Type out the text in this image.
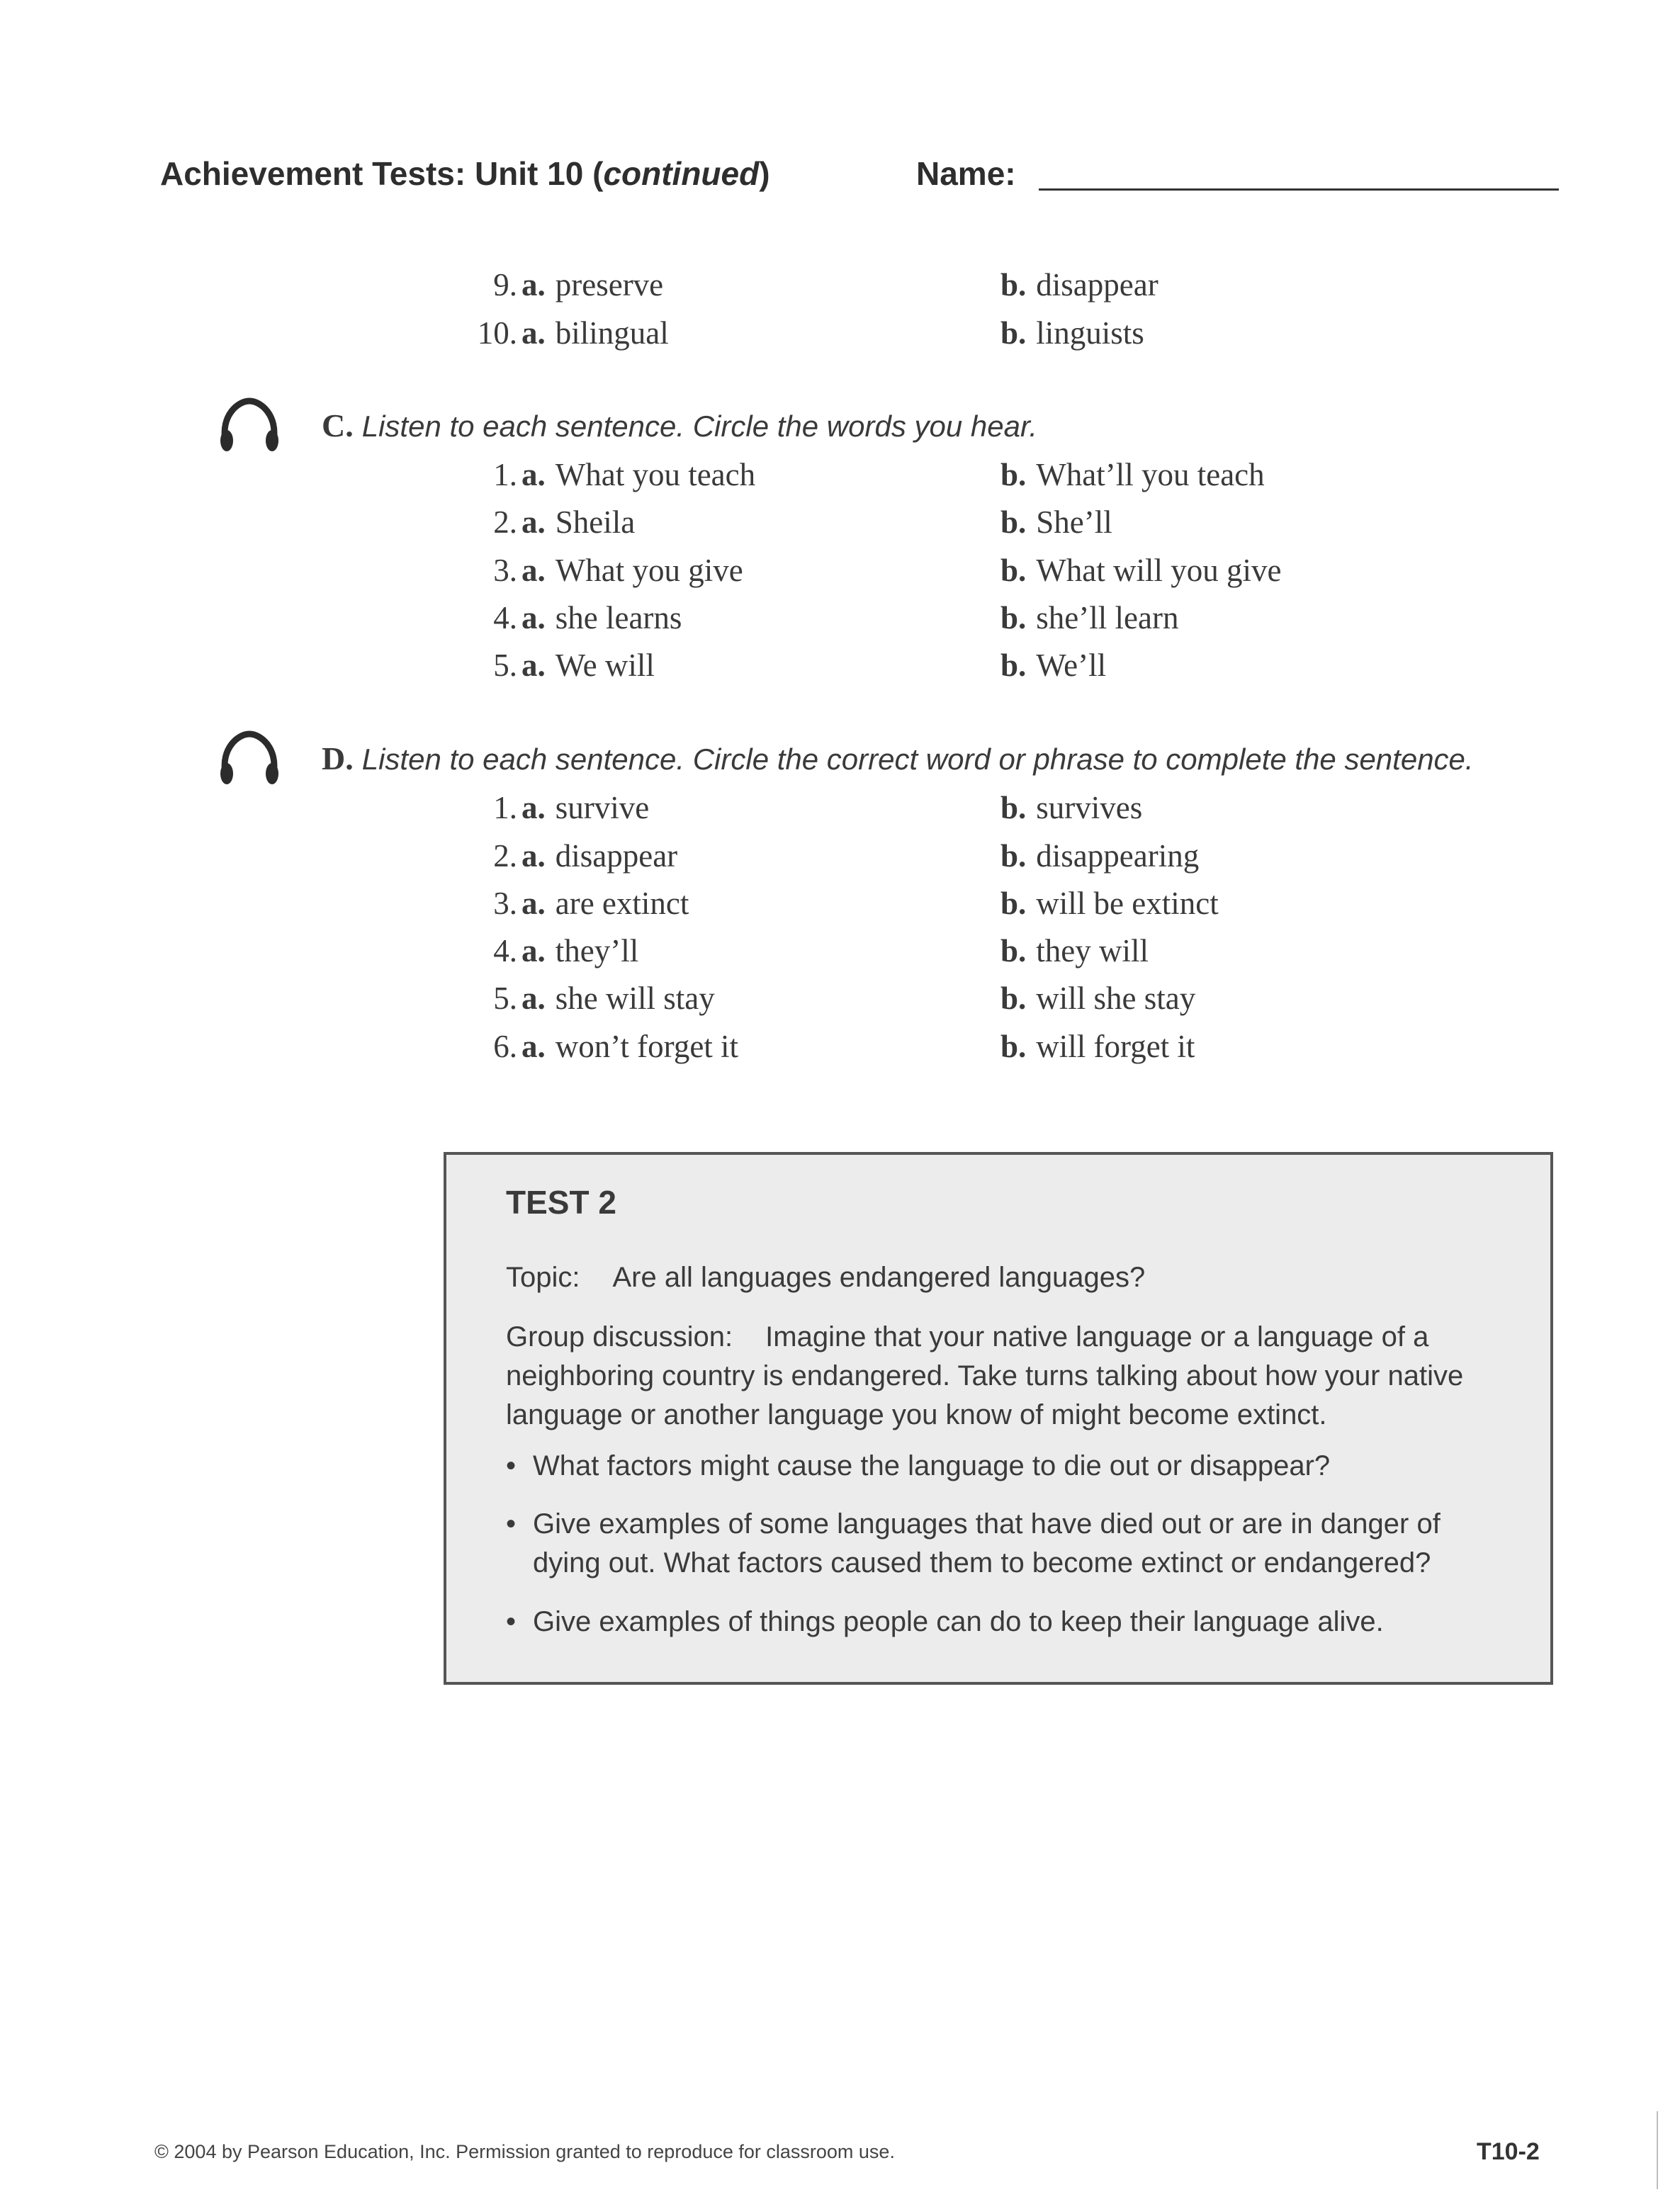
Achievement Tests: Unit 10 (continued)	Name:
9. a. preserve	b. disappear
10. a. bilingual	b. linguists
C. Listen to each sentence. Circle the words you hear.
1. a. What you teach	b. What’ll you teach
2. a. Sheila	b. She’ll
3. a. What you give	b. What will you give
4. a. she learns	b. she’ll learn
5. a. We will	b. We’ll
D. Listen to each sentence. Circle the correct word or phrase to complete the sentence.
1. a. survive	b. survives
2. a. disappear	b. disappearing
3. a. are extinct	b. will be extinct
4. a. they’ll	b. they will
5. a. she will stay	b. will she stay
6. a. won’t forget it	b. will forget it
TEST 2
Topic: Are all languages endangered languages?
Group discussion: Imagine that your native language or a language of a neighboring country is endangered. Take turns talking about how your native language or another language you know of might become extinct.
• What factors might cause the language to die out or disappear?
• Give examples of some languages that have died out or are in danger of dying out. What factors caused them to become extinct or endangered?
• Give examples of things people can do to keep their language alive.
© 2004 by Pearson Education, Inc. Permission granted to reproduce for classroom use.	T10-2
